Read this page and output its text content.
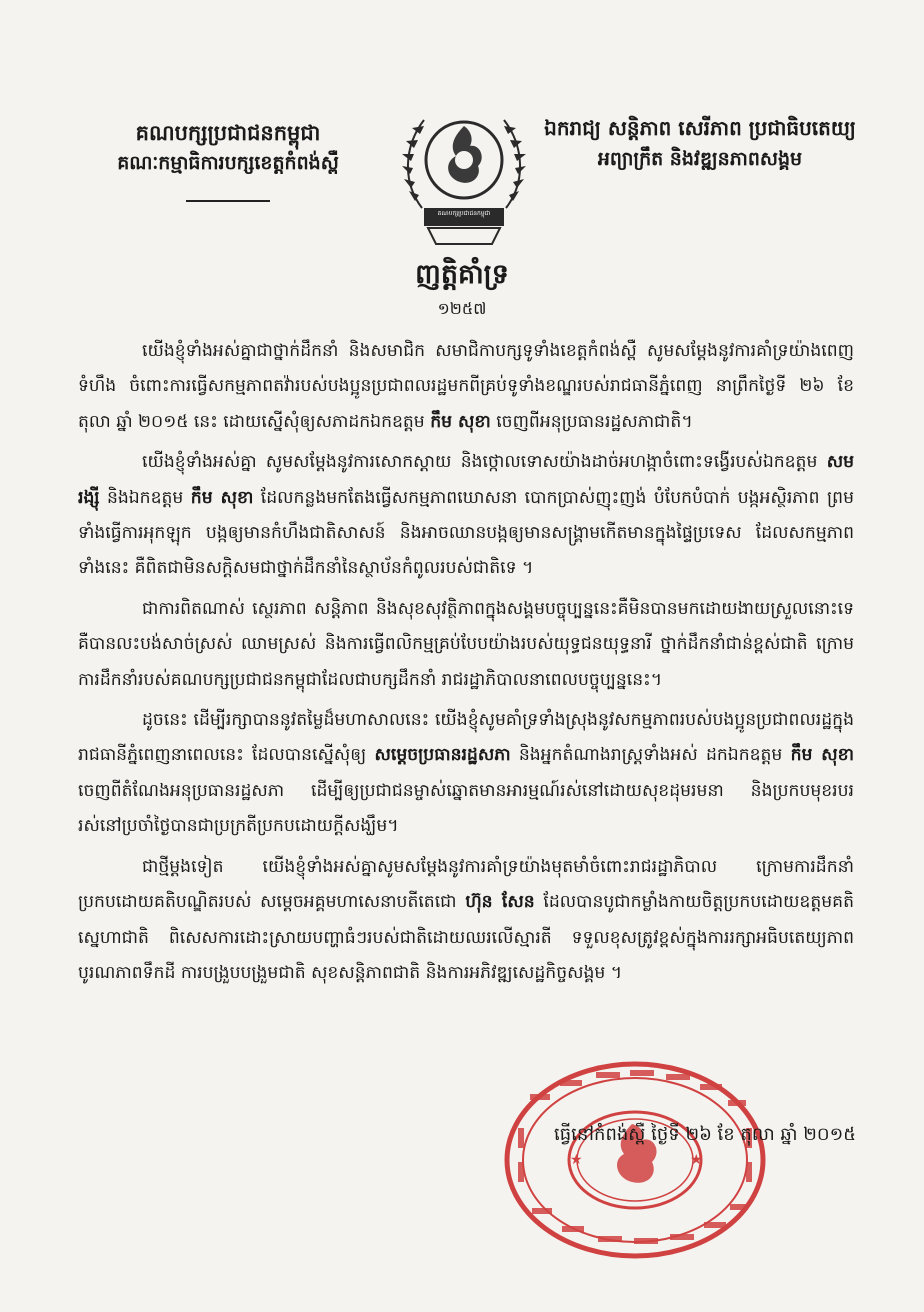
គណបក្សប្រជាជនកម្ពុជា
គណៈកម្មាធិការបក្សខេត្តកំពង់ស្ពឺ
គណបក្សប្រជាជនកម្ពុជា
ឯករាជ្យ សន្តិភាព សេរីភាព ប្រជាធិបតេយ្យ
អព្យាក្រឹត និងវឌ្ឍនភាពសង្គម
ញត្តិគាំទ្រ
១២៥៧

យើងខ្ញុំទាំងអស់គ្នាជាថ្នាក់ដឹកនាំ និងសមាជិក សមាជិកាបក្សទូទាំងខេត្តកំពង់ស្ពឺ សូមសម្តែងនូវការគាំទ្រយ៉ាងពេញទំហឹង ចំពោះការធ្វើសកម្មភាពតវ៉ារបស់បងប្អូនប្រជាពលរដ្ឋមកពីគ្រប់ទូទាំងខណ្ឌរបស់រាជធានីភ្នំពេញ នាព្រឹកថ្ងៃទី ២៦ ខែ តុលា ឆ្នាំ ២០១៥ នេះ ដោយស្នើសុំឲ្យសភាដកឯកឧត្តម កឹម សុខា ចេញពីអនុប្រធានរដ្ឋសភាជាតិ។

យើងខ្ញុំទាំងអស់គ្នា សូមសម្តែងនូវការសោកស្តាយ និងថ្កោលទោសយ៉ាងដាច់អហង្កាចំពោះទង្វើរបស់ឯកឧត្តម សម រង្ស៊ី និងឯកឧត្តម កឹម សុខា ដែលកន្លងមកតែងធ្វើសកម្មភាពឃោសនា បោកប្រាស់ញុះញង់ បំបែកបំបាក់ បង្កអស្ថិរភាព ព្រមទាំងធ្វើការអុកឡុក បង្កឲ្យមានកំហឹងជាតិសាសន៍ និងអាចឈានបង្កឲ្យមានសង្គ្រាមកើតមានក្នុងផ្ទៃប្រទេស ដែលសកម្មភាពទាំងនេះ គឺពិតជាមិនសក្តិសមជាថ្នាក់ដឹកនាំនៃស្ថាប័នកំពូលរបស់ជាតិទេ ។

ជាការពិតណាស់ ស្ថេរភាព សន្តិភាព និងសុខសុវត្ថិភាពក្នុងសង្គមបច្ចុប្បន្ននេះគឺមិនបានមកដោយងាយស្រួលនោះទេ គឺបានលះបង់សាច់ស្រស់ ឈាមស្រស់ និងការធ្វើពលិកម្មគ្រប់បែបយ៉ាងរបស់យុទ្ធជនយុទ្ធនារី ថ្នាក់ដឹកនាំជាន់ខ្ពស់ជាតិ ក្រោមការដឹកនាំរបស់គណបក្សប្រជាជនកម្ពុជាដែលជាបក្សដឹកនាំ រាជរដ្ឋាភិបាលនាពេលបច្ចុប្បន្ននេះ។

ដូចនេះ ដើម្បីរក្សាបាននូវតម្លៃដ៏មហាសាលនេះ យើងខ្ញុំសូមគាំទ្រទាំងស្រុងនូវសកម្មភាពរបស់បងប្អូនប្រជាពលរដ្ឋក្នុងរាជធានីភ្នំពេញនាពេលនេះ ដែលបានស្នើសុំឲ្យ សម្តេចប្រធានរដ្ឋសភា និងអ្នកតំណាងរាស្ត្រទាំងអស់ ដកឯកឧត្តម កឹម សុខា ចេញពីតំណែងអនុប្រធានរដ្ឋសភា ដើម្បីឲ្យប្រជាជនម្ចាស់ឆ្នោតមានអារម្មណ៍រស់នៅដោយសុខដុមរមនា និងប្រកបមុខរបររស់នៅប្រចាំថ្ងៃបានជាប្រក្រតីប្រកបដោយក្តីសង្ឃឹម។

ជាថ្មីម្តងទៀត យើងខ្ញុំទាំងអស់គ្នាសូមសម្តែងនូវការគាំទ្រយ៉ាងមុតមាំចំពោះរាជរដ្ឋាភិបាល ក្រោមការដឹកនាំប្រកបដោយគតិបណ្ឌិតរបស់ សម្តេចអគ្គមហាសេនាបតីតេជោ ហ៊ុន សែន ដែលបានបូជាកម្លាំងកាយចិត្តប្រកបដោយឧត្តមគតិស្នេហាជាតិ ពិសេសការដោះស្រាយបញ្ហាធំៗរបស់ជាតិដោយឈរលើស្មារតី ទទួលខុសត្រូវខ្ពស់ក្នុងការរក្សាអធិបតេយ្យភាព បូរណភាពទឹកដី ការបង្រួបបង្រួមជាតិ សុខសន្តិភាពជាតិ និងការអភិវឌ្ឍសេដ្ឋកិច្ចសង្គម ។

★	★
ធ្វើនៅកំពង់ស្ពឺ ថ្ងៃទី ២៦ ខែ តុលា ឆ្នាំ ២០១៥
